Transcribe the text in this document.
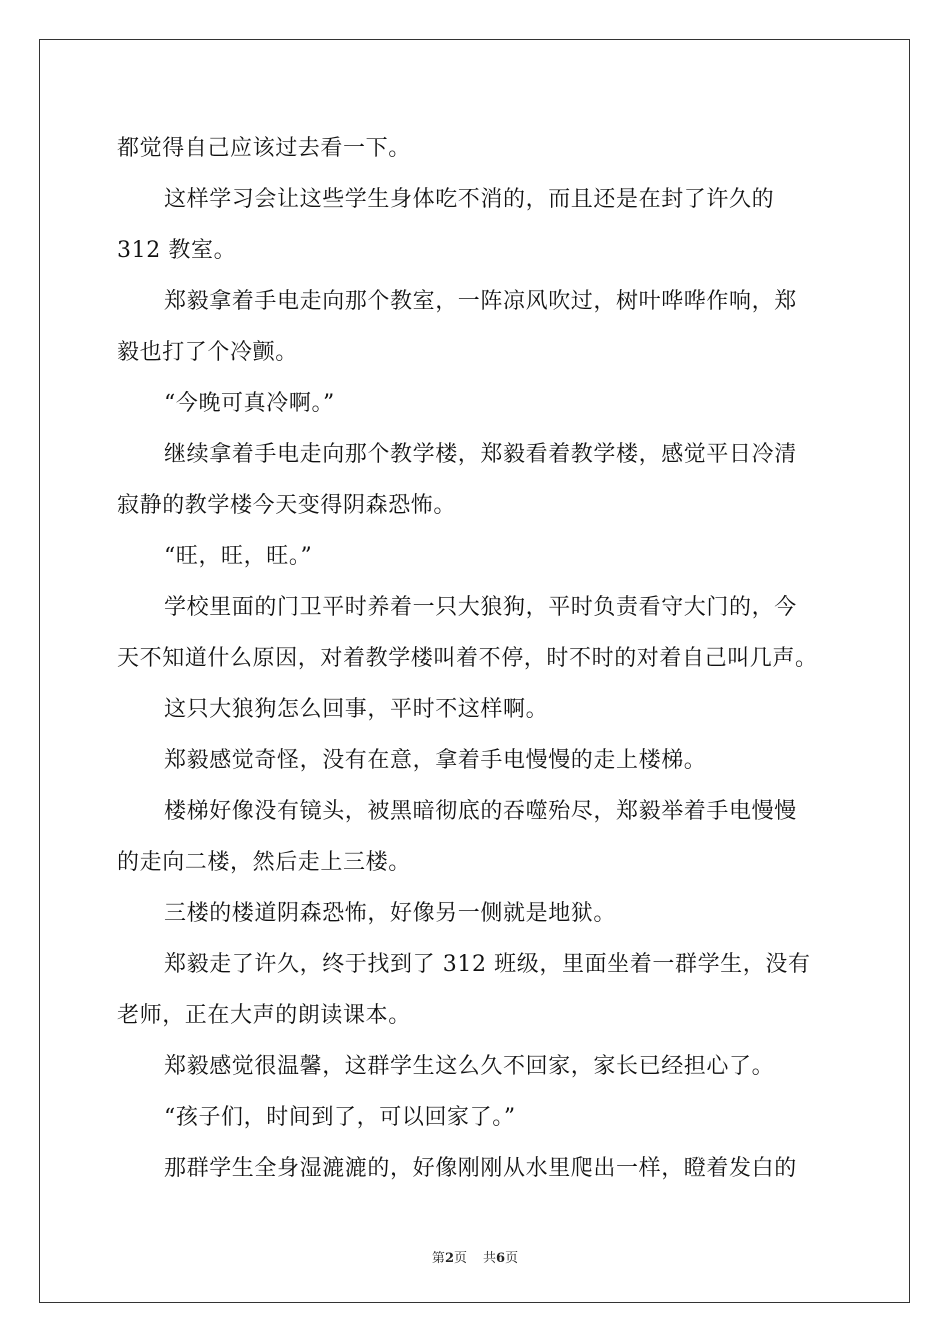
都觉得自己应该过去看一下。
这样学习会让这些学生身体吃不消的，而且还是在封了许久的
312 教室。
郑毅拿着手电走向那个教室，一阵凉风吹过，树叶哗哗作响，郑
毅也打了个冷颤。
“今晚可真冷啊。”
继续拿着手电走向那个教学楼，郑毅看着教学楼，感觉平日冷清
寂静的教学楼今天变得阴森恐怖。
“旺，旺，旺。”
学校里面的门卫平时养着一只大狼狗，平时负责看守大门的，今
天不知道什么原因，对着教学楼叫着不停，时不时的对着自己叫几声。
这只大狼狗怎么回事，平时不这样啊。
郑毅感觉奇怪，没有在意，拿着手电慢慢的走上楼梯。
楼梯好像没有镜头，被黑暗彻底的吞噬殆尽，郑毅举着手电慢慢
的走向二楼，然后走上三楼。
三楼的楼道阴森恐怖，好像另一侧就是地狱。
郑毅走了许久，终于找到了 312 班级，里面坐着一群学生，没有
老师，正在大声的朗读课本。
郑毅感觉很温馨，这群学生这么久不回家，家长已经担心了。
“孩子们，时间到了，可以回家了。”
那群学生全身湿漉漉的，好像刚刚从水里爬出一样，瞪着发白的
第2页 共6页
